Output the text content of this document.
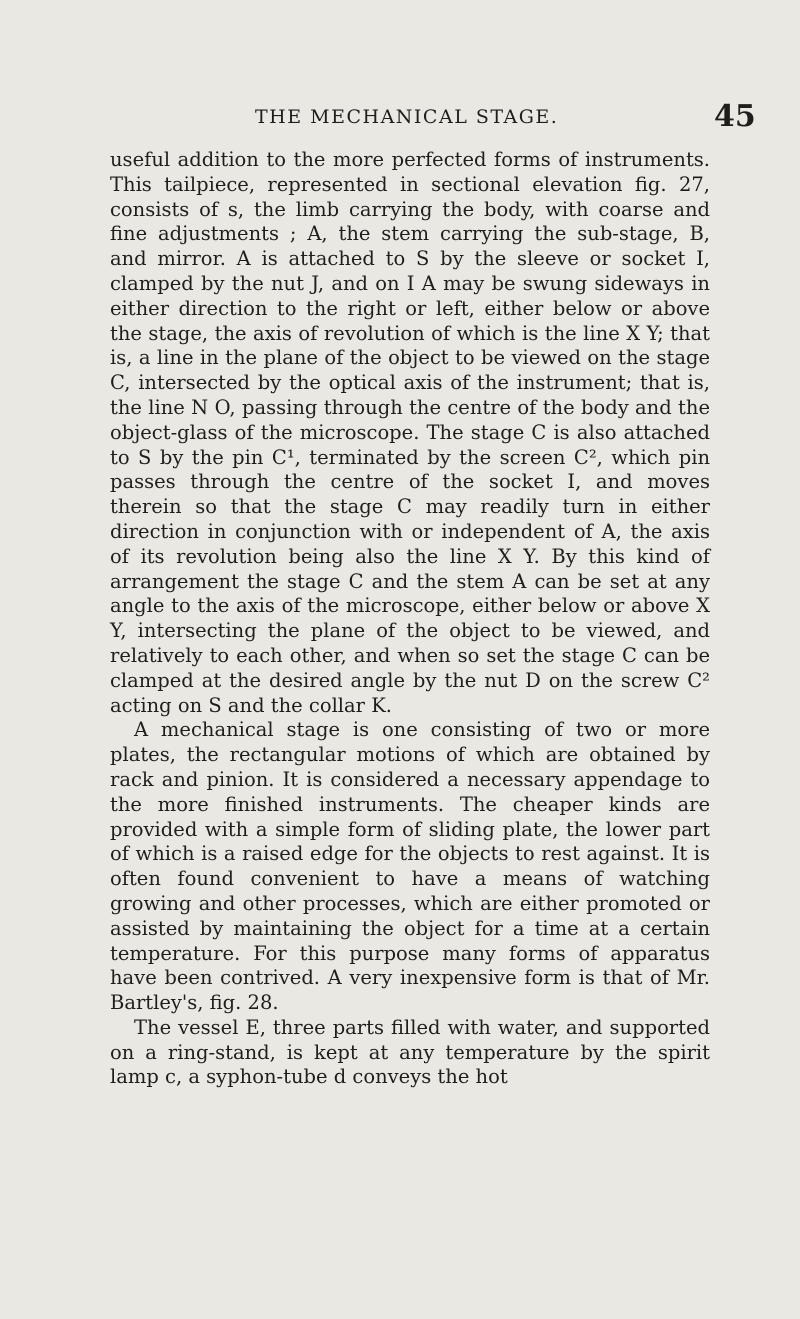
THE MECHANICAL STAGE.	45

useful addition to the more perfected forms of instruments. This tailpiece, represented in sectional elevation fig. 27, consists of s, the limb carrying the body, with coarse and fine adjustments ; A, the stem carrying the sub-stage, B, and mirror. A is attached to S by the sleeve or socket I, clamped by the nut J, and on I A may be swung sideways in either direction to the right or left, either below or above the stage, the axis of revolution of which is the line X Y; that is, a line in the plane of the object to be viewed on the stage C, intersected by the optical axis of the instrument; that is, the line N O, passing through the centre of the body and the object-glass of the microscope. The stage C is also attached to S by the pin C¹, terminated by the screen C², which pin passes through the centre of the socket I, and moves therein so that the stage C may readily turn in either direction in conjunction with or independent of A, the axis of its revolution being also the line X Y. By this kind of arrangement the stage C and the stem A can be set at any angle to the axis of the microscope, either below or above X Y, intersecting the plane of the object to be viewed, and relatively to each other, and when so set the stage C can be clamped at the desired angle by the nut D on the screw C² acting on S and the collar K.

A mechanical stage is one consisting of two or more plates, the rectangular motions of which are obtained by rack and pinion. It is considered a necessary appendage to the more finished instruments. The cheaper kinds are provided with a simple form of sliding plate, the lower part of which is a raised edge for the objects to rest against. It is often found convenient to have a means of watching growing and other processes, which are either promoted or assisted by maintaining the object for a time at a certain temperature. For this purpose many forms of apparatus have been contrived. A very inexpensive form is that of Mr. Bartley's, fig. 28.

The vessel E, three parts filled with water, and supported on a ring-stand, is kept at any temperature by the spirit lamp c, a syphon-tube d conveys the hot
